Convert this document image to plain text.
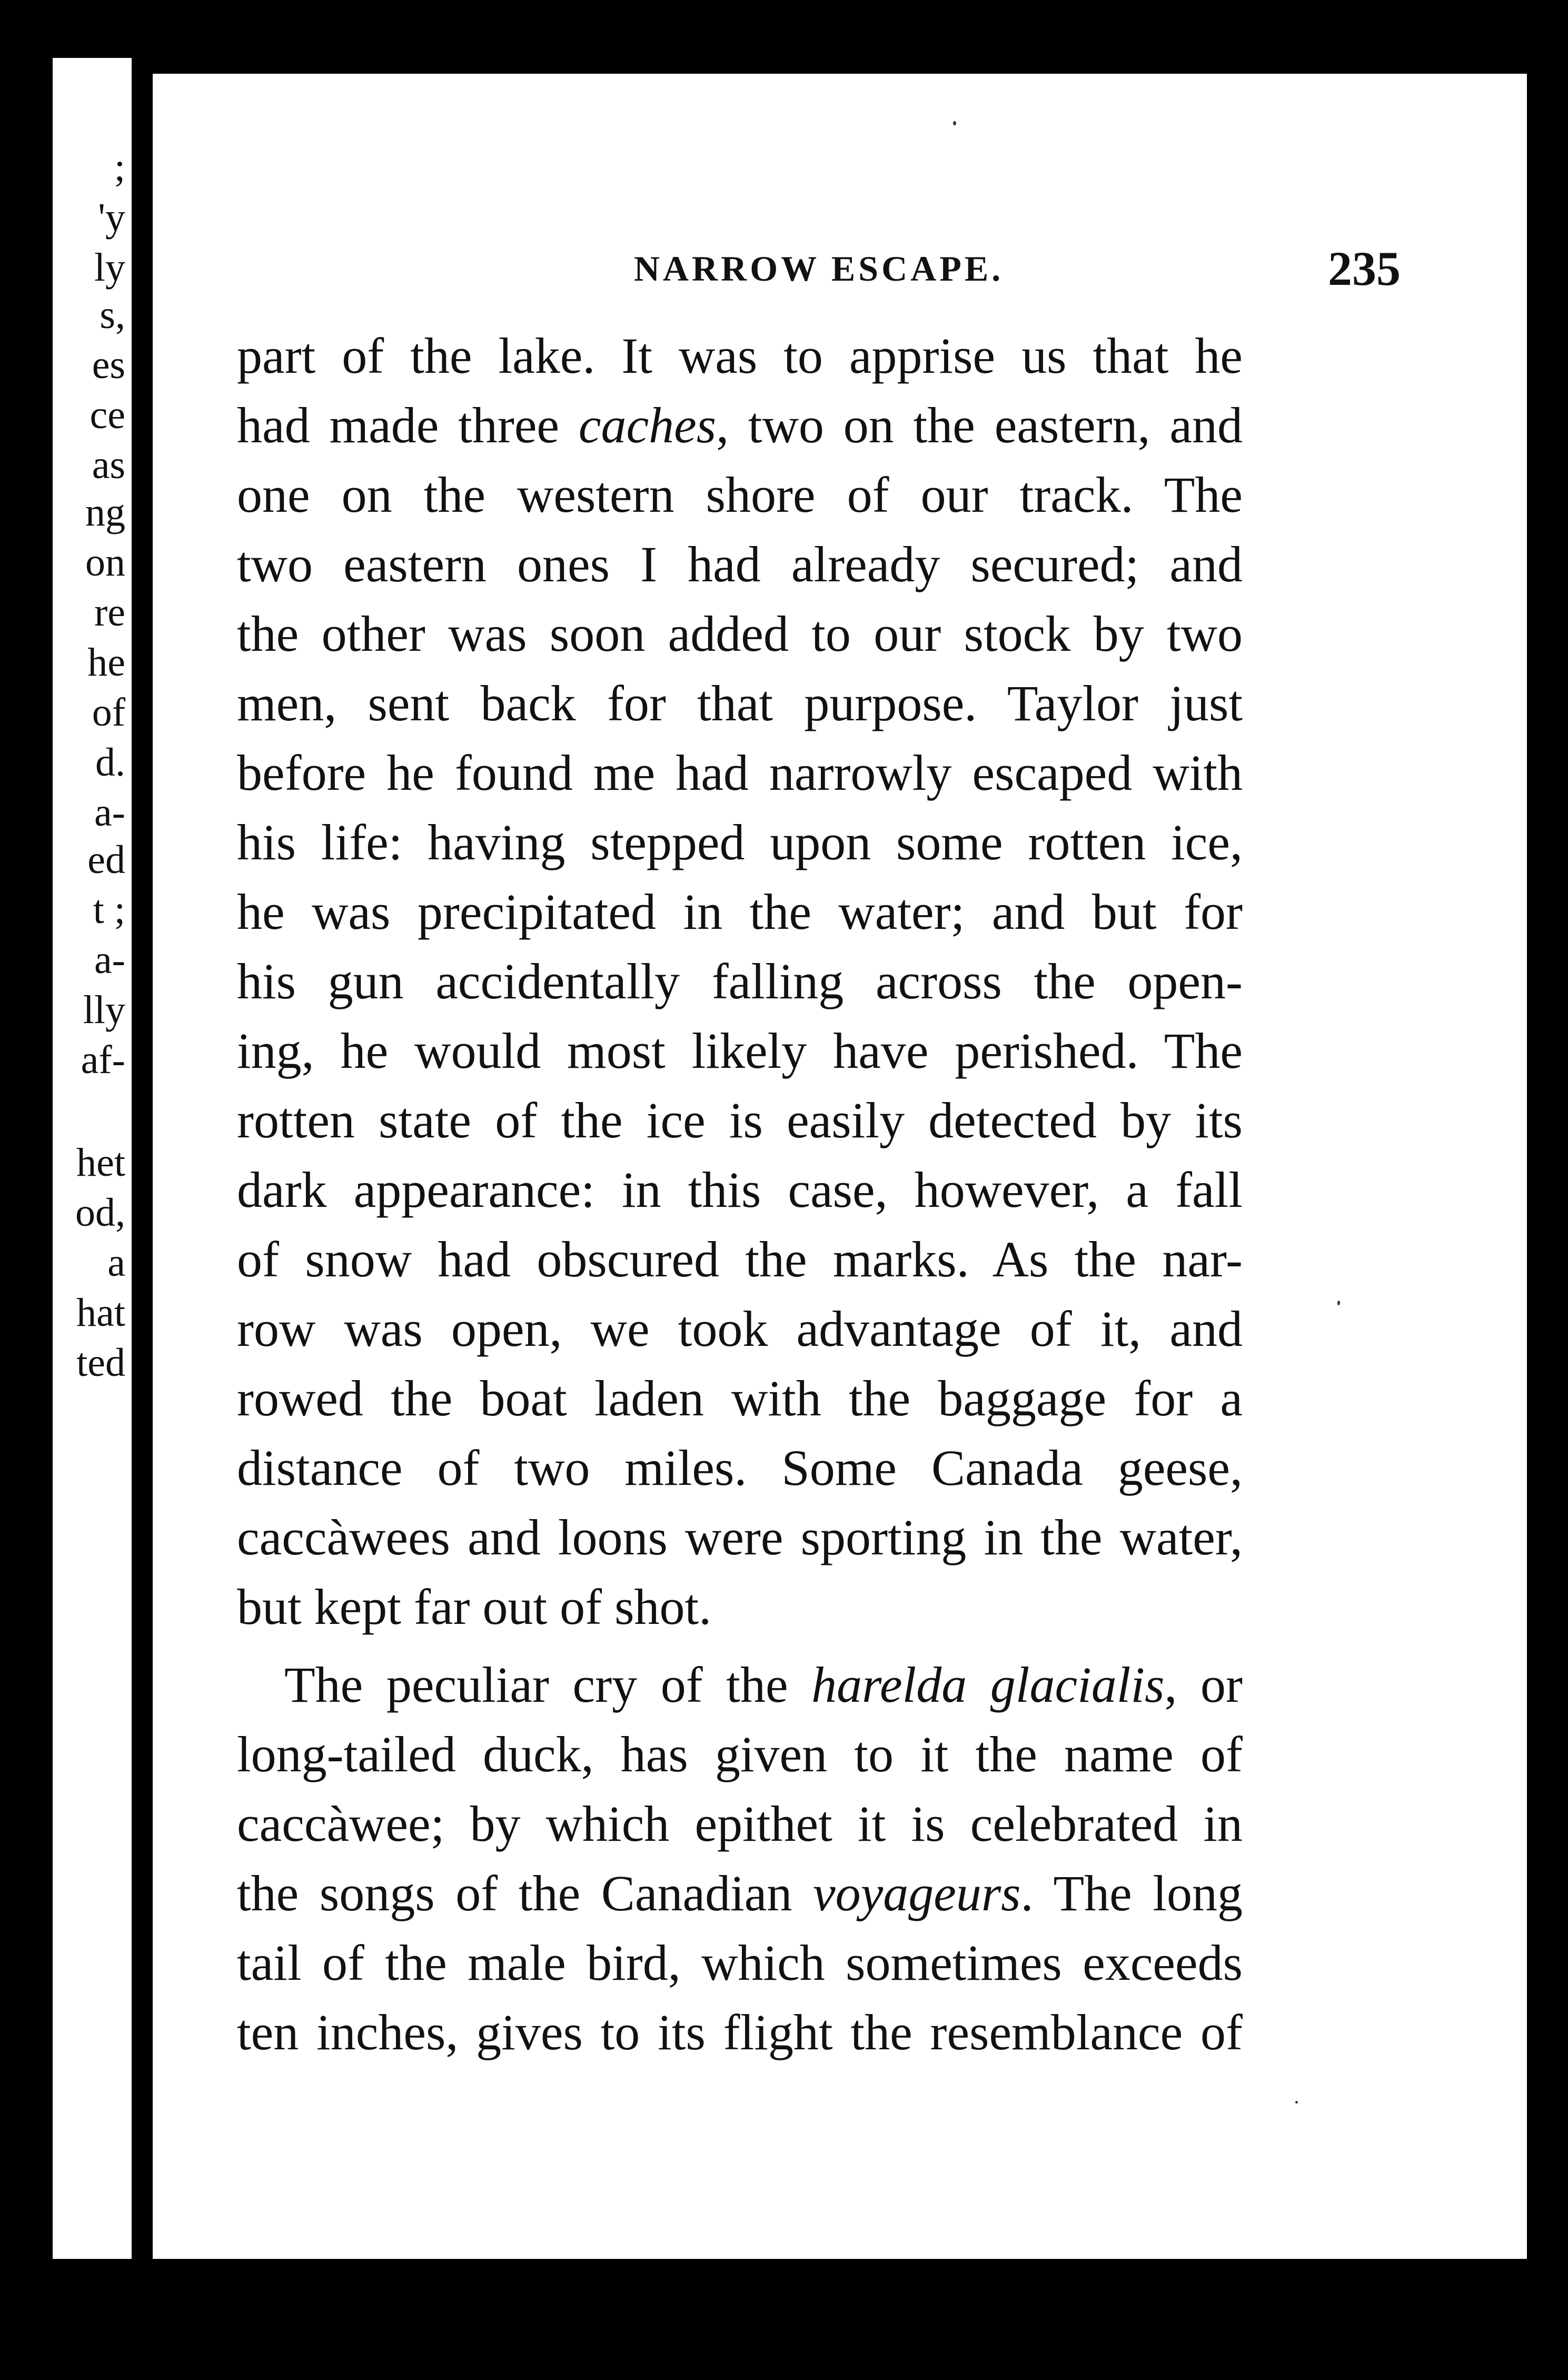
;
'y
ly
s,
es
ce
as
ng
on
re
he
of
d.
a-
ed
t ;
a-
lly
af-
het
od,
a
hat
ted
NARROW ESCAPE.	235
part of the lake. It was to apprise us that he
had made three caches, two on the eastern, and
one on the western shore of our track. The
two eastern ones I had already secured; and
the other was soon added to our stock by two
men, sent back for that purpose. Taylor just
before he found me had narrowly escaped with
his life: having stepped upon some rotten ice,
he was precipitated in the water; and but for
his gun accidentally falling across the open-
ing, he would most likely have perished. The
rotten state of the ice is easily detected by its
dark appearance: in this case, however, a fall
of snow had obscured the marks. As the nar-
row was open, we took advantage of it, and
rowed the boat laden with the baggage for a
distance of two miles. Some Canada geese,
caccàwees and loons were sporting in the water,
but kept far out of shot.
The peculiar cry of the harelda glacialis, or
long-tailed duck, has given to it the name of
caccàwee; by which epithet it is celebrated in
the songs of the Canadian voyageurs. The long
tail of the male bird, which sometimes exceeds
ten inches, gives to its flight the resemblance of
